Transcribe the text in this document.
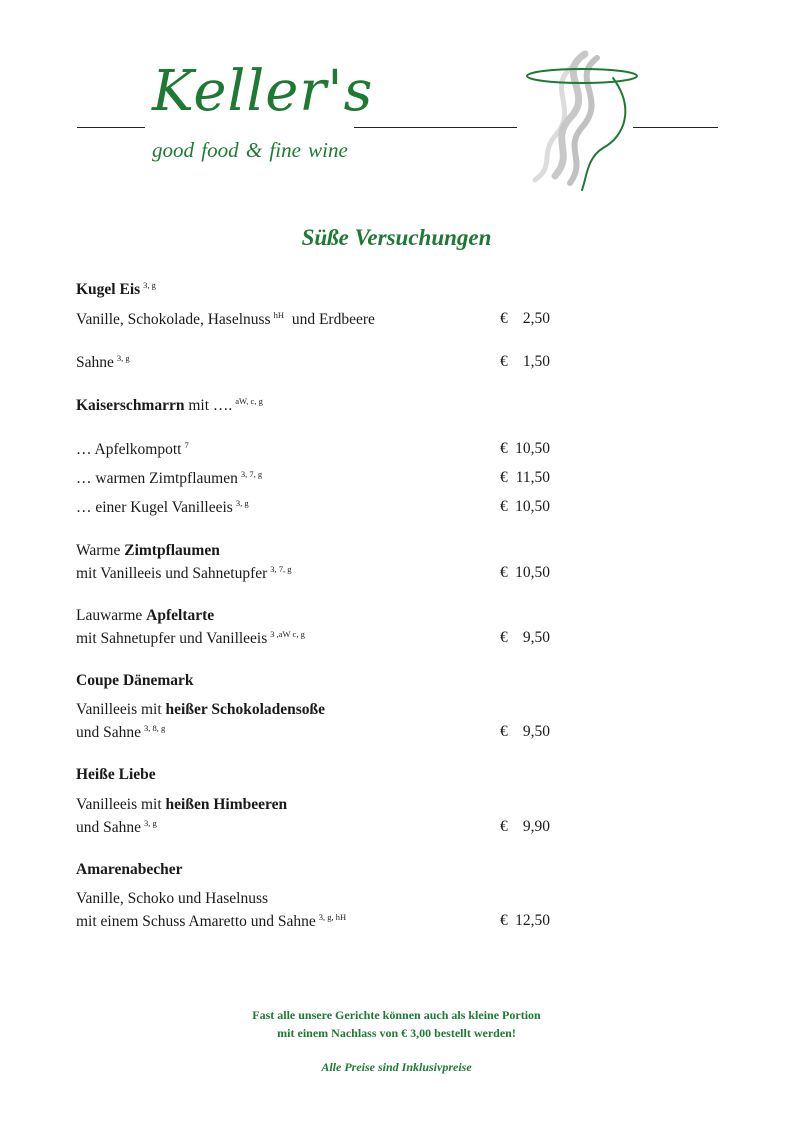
Keller's
good food & fine wine
Süße Versuchungen
Kugel Eis $^{3, g}$
Vanille, Schokolade, Haselnuss $^{hH}$ und Erdbeere	€ 2,50
Sahne $^{3, g}$	€ 1,50
Kaiserschmarrn mit …. $^{aW, c, g}$
… Apfelkompott $^7$	€ 10,50
… warmen Zimtpflaumen $^{3, 7, g}$	€ 11,50
… einer Kugel Vanilleeis $^{3, g}$	€ 10,50
Warme Zimtpflaumen
mit Vanilleeis und Sahnetupfer $^{3, 7, g}$	€ 10,50
Lauwarme Apfeltarte
mit Sahnetupfer und Vanilleeis $^{3 ,aW c, g}$	€ 9,50
Coupe Dänemark
Vanilleeis mit heißer Schokoladensoße
und Sahne $^{3, 8, g}$	€ 9,50
Heiße Liebe
Vanilleeis mit heißen Himbeeren
und Sahne $^{3, g}$	€ 9,90
Amarenabecher
Vanille, Schoko und Haselnuss
mit einem Schuss Amaretto und Sahne $^{3, g, hH}$	€ 12,50
Fast alle unsere Gerichte können auch als kleine Portion
mit einem Nachlass von € 3,00 bestellt werden!
Alle Preise sind Inklusivpreise
